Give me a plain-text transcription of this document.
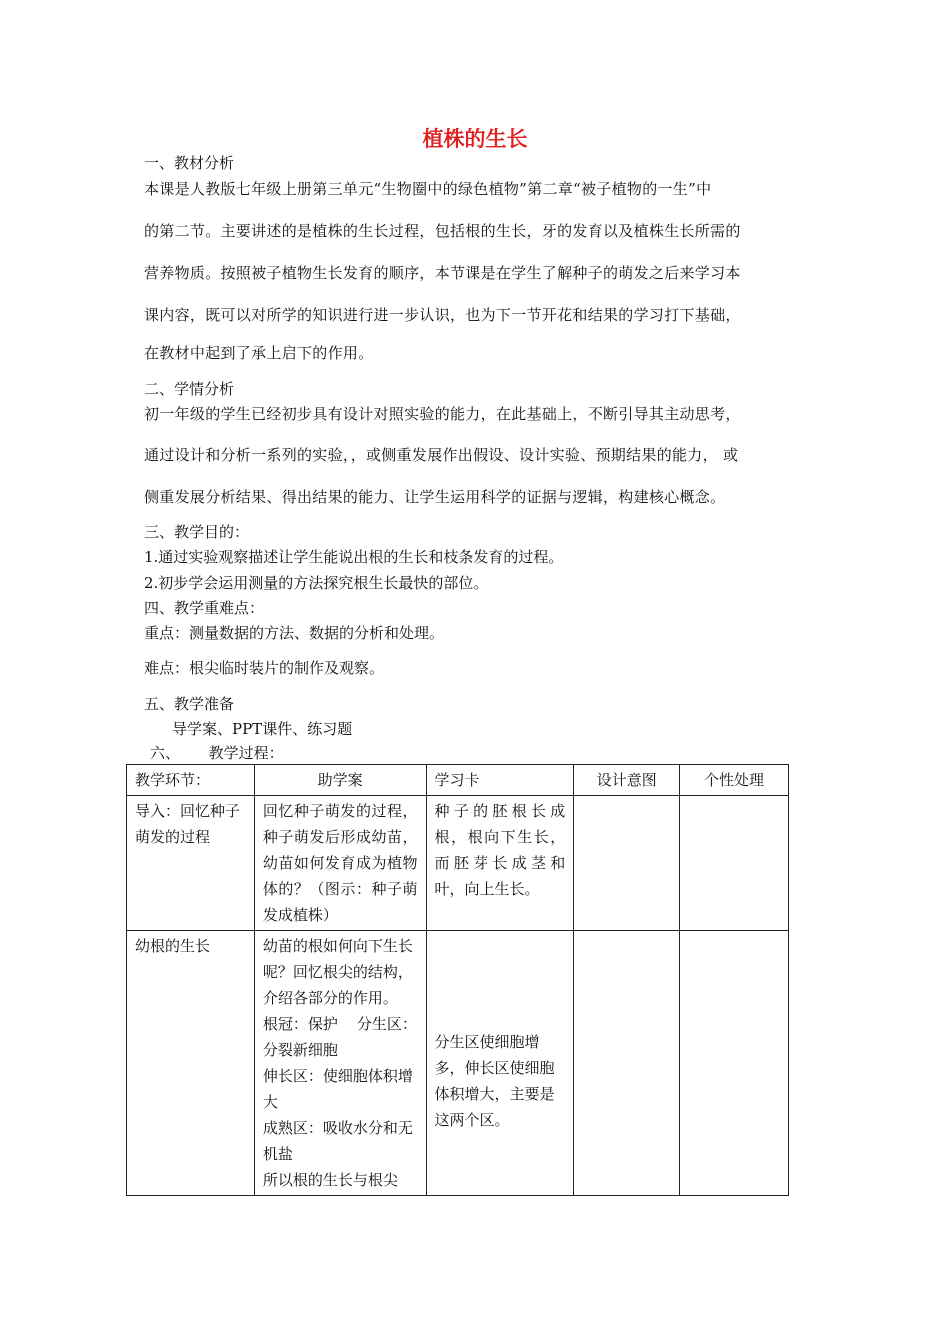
植株的生长
一、教材分析
本课是人教版七年级上册第三单元“生物圈中的绿色植物”第二章“被子植物的一生”中
的第二节。主要讲述的是植株的生长过程，包括根的生长，牙的发育以及植株生长所需的
营养物质。按照被子植物生长发育的顺序，本节课是在学生了解种子的萌发之后来学习本
课内容，既可以对所学的知识进行进一步认识，也为下一节开花和结果的学习打下基础，
在教材中起到了承上启下的作用。
二、学情分析
初一年级的学生已经初步具有设计对照实验的能力，在此基础上，不断引导其主动思考，
通过设计和分析一系列的实验，，或侧重发展作出假设、设计实验、预期结果的能力， 或
侧重发展分析结果、得出结果的能力、让学生运用科学的证据与逻辑，构建核心概念。
三、教学目的：
1.通过实验观察描述让学生能说出根的生长和枝条发育的过程。
2.初步学会运用测量的方法探究根生长最快的部位。
四、教学重难点：
重点：测量数据的方法、数据的分析和处理。
难点：根尖临时装片的制作及观察。
五、教学准备
导学案、PPT课件、练习题
六、      教学过程：
教学环节：	助学案	学习卡	设计意图	个性处理
导入：回忆种子萌发的过程	回忆种子萌发的过程，种子萌发后形成幼苗，幼苗如何发育成为植物体的？（图示：种子萌发成植株）	种子的胚根长成根，根向下生长，而胚芽长成茎和叶，向上生长。		
幼根的生长	幼苗的根如何向下生长呢？回忆根尖的结构，介绍各部分的作用。
根冠：保护    分生区：分裂新细胞
伸长区：使细胞体积增大
成熟区：吸收水分和无机盐
所以根的生长与根尖	分生区使细胞增多，伸长区使细胞体积增大，主要是这两个区。		
